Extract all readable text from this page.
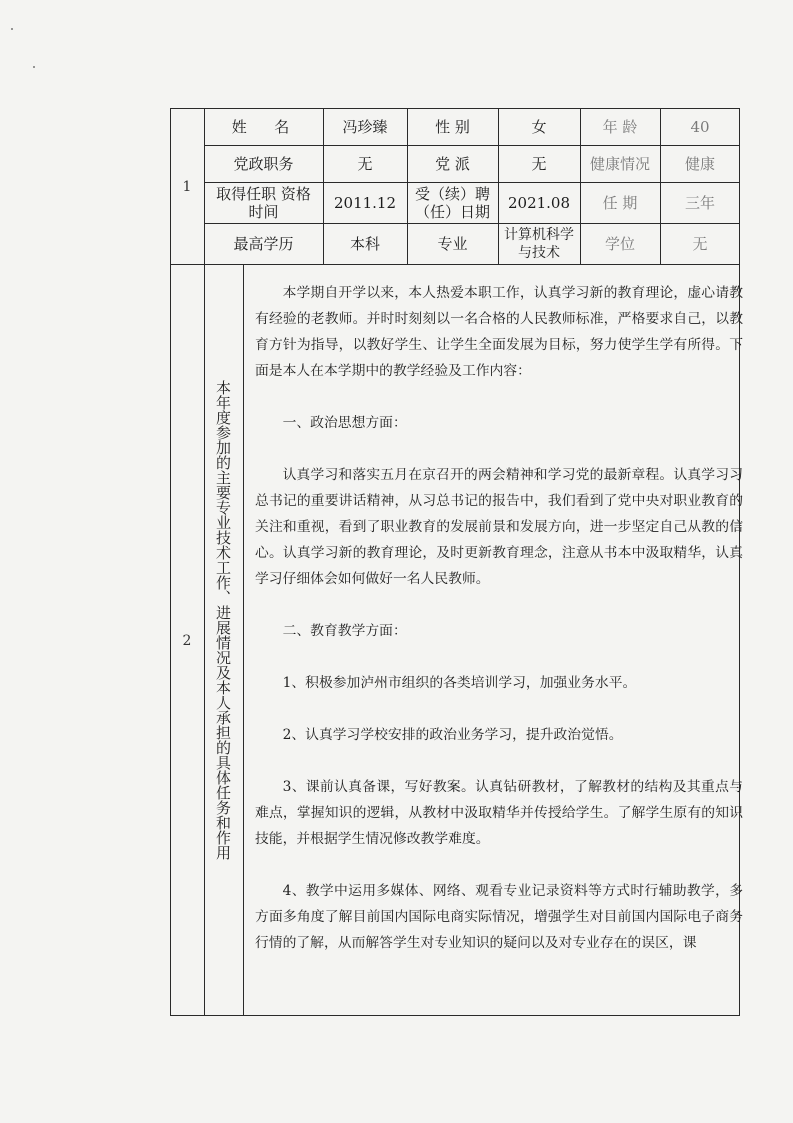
1
姓  名	冯珍臻	性 别	女	年 龄	40
党政职务	无	党 派	无	健康情况	健康
取得任职 资格时间	2011.12	受（续）聘（任）日期	2021.08	任 期	三年
最高学历	本科	专业	计算机科学与技术	学位	无
2	本年度参加的主要专业技术工作、进展情况及本人承担的具体任务和作用

本学期自开学以来，本人热爱本职工作，认真学习新的教育理论，虚心请教有经验的老教师。并时时刻刻以一名合格的人民教师标准，严格要求自己，以教育方针为指导，以教好学生、让学生全面发展为目标，努力使学生学有所得。下面是本人在本学期中的教学经验及工作内容：

一、政治思想方面：

认真学习和落实五月在京召开的两会精神和学习党的最新章程。认真学习习总书记的重要讲话精神，从习总书记的报告中，我们看到了党中央对职业教育的关注和重视，看到了职业教育的发展前景和发展方向，进一步坚定自己从教的信心。认真学习新的教育理论，及时更新教育理念，注意从书本中汲取精华，认真学习仔细体会如何做好一名人民教师。

二、教育教学方面：

1、积极参加泸州市组织的各类培训学习，加强业务水平。

2、认真学习学校安排的政治业务学习，提升政治觉悟。

3、课前认真备课，写好教案。认真钻研教材，了解教材的结构及其重点与难点，掌握知识的逻辑，从教材中汲取精华并传授给学生。了解学生原有的知识技能，并根据学生情况修改教学难度。

4、教学中运用多媒体、网络、观看专业记录资料等方式时行辅助教学，多方面多角度了解目前国内国际电商实际情况，增强学生对目前国内国际电子商务行情的了解，从而解答学生对专业知识的疑问以及对专业存在的误区，课
